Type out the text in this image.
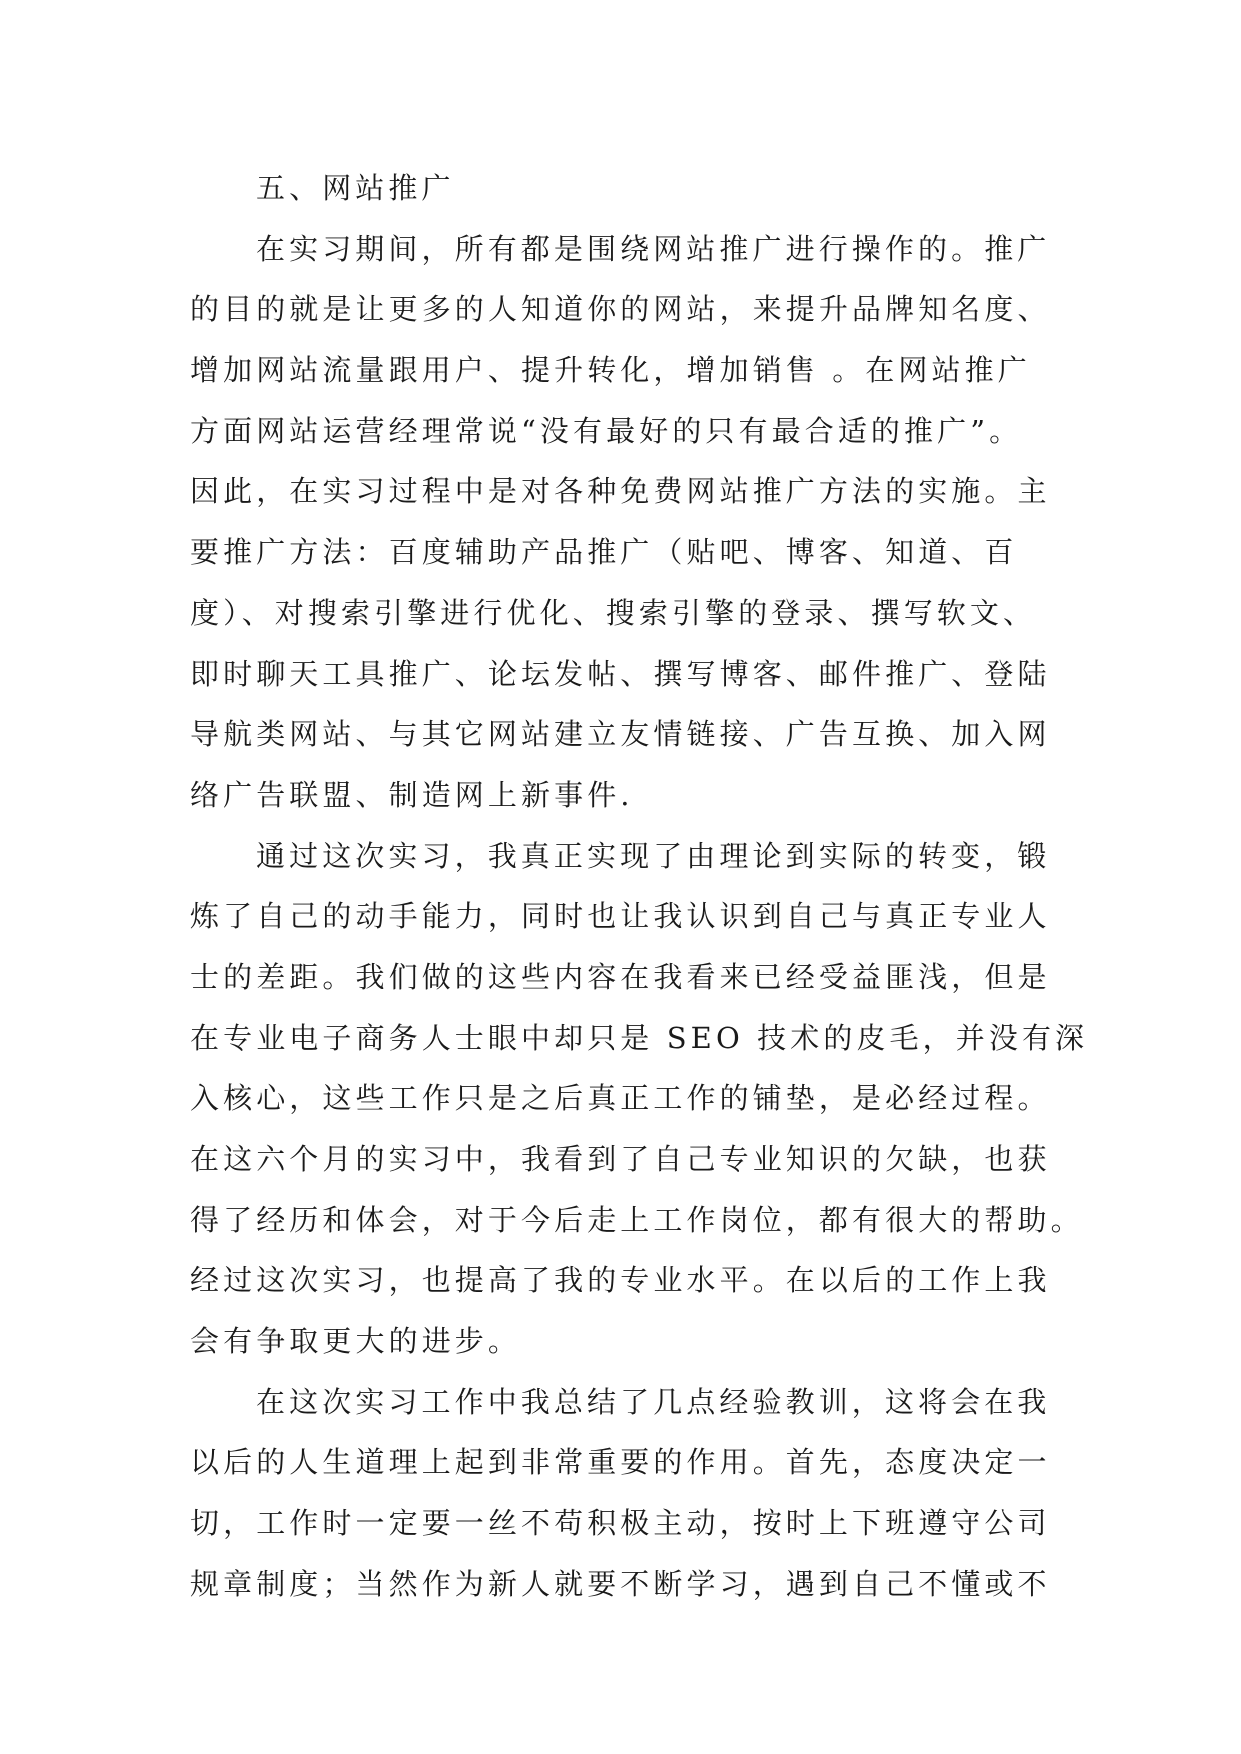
五、网站推广
在实习期间，所有都是围绕网站推广进行操作的。推广
的目的就是让更多的人知道你的网站，来提升品牌知名度、
增加网站流量跟用户、提升转化，增加销售 。在网站推广
方面网站运营经理常说“没有最好的只有最合适的推广”。
因此，在实习过程中是对各种免费网站推广方法的实施。主
要推广方法：百度辅助产品推广（贴吧、博客、知道、百
度）、对搜索引擎进行优化、搜索引擎的登录、撰写软文、
即时聊天工具推广、论坛发帖、撰写博客、邮件推广、登陆
导航类网站、与其它网站建立友情链接、广告互换、加入网
络广告联盟、制造网上新事件.
通过这次实习，我真正实现了由理论到实际的转变，锻
炼了自己的动手能力，同时也让我认识到自己与真正专业人
士的差距。我们做的这些内容在我看来已经受益匪浅，但是
在专业电子商务人士眼中却只是 SEO 技术的皮毛，并没有深
入核心，这些工作只是之后真正工作的铺垫，是必经过程。
在这六个月的实习中，我看到了自己专业知识的欠缺，也获
得了经历和体会，对于今后走上工作岗位，都有很大的帮助。
经过这次实习，也提高了我的专业水平。在以后的工作上我
会有争取更大的进步。
在这次实习工作中我总结了几点经验教训，这将会在我
以后的人生道理上起到非常重要的作用。首先，态度决定一
切，工作时一定要一丝不苟积极主动，按时上下班遵守公司
规章制度；当然作为新人就要不断学习，遇到自己不懂或不
